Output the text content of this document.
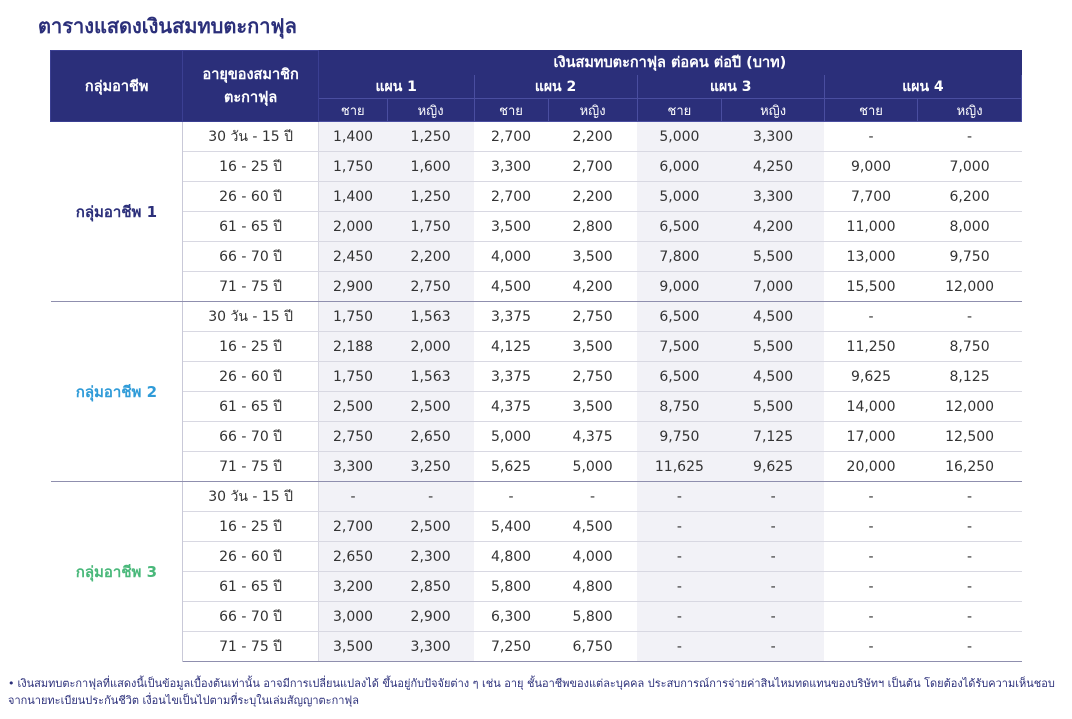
ตารางแสดงเงินสมทบตะกาฟุล
กลุ่มอาชีพ	อายุของสมาชิก
ตะกาฟุล	เงินสมทบตะกาฟุล ต่อคน ต่อปี (บาท)							
		แผน 1		แผน 2		แผน 3		แผน 4	
		ชาย	หญิง	ชาย	หญิง	ชาย	หญิง	ชาย	หญิง
กลุ่มอาชีพ 1	30 วัน - 15 ปี	1,400	1,250	2,700	2,200	5,000	3,300	-	-
	16 - 25 ปี	1,750	1,600	3,300	2,700	6,000	4,250	9,000	7,000
	26 - 60 ปี	1,400	1,250	2,700	2,200	5,000	3,300	7,700	6,200
	61 - 65 ปี	2,000	1,750	3,500	2,800	6,500	4,200	11,000	8,000
	66 - 70 ปี	2,450	2,200	4,000	3,500	7,800	5,500	13,000	9,750
	71 - 75 ปี	2,900	2,750	4,500	4,200	9,000	7,000	15,500	12,000
กลุ่มอาชีพ 2	30 วัน - 15 ปี	1,750	1,563	3,375	2,750	6,500	4,500	-	-
	16 - 25 ปี	2,188	2,000	4,125	3,500	7,500	5,500	11,250	8,750
	26 - 60 ปี	1,750	1,563	3,375	2,750	6,500	4,500	9,625	8,125
	61 - 65 ปี	2,500	2,500	4,375	3,500	8,750	5,500	14,000	12,000
	66 - 70 ปี	2,750	2,650	5,000	4,375	9,750	7,125	17,000	12,500
	71 - 75 ปี	3,300	3,250	5,625	5,000	11,625	9,625	20,000	16,250
กลุ่มอาชีพ 3	30 วัน - 15 ปี	-	-	-	-	-	-	-	-
	16 - 25 ปี	2,700	2,500	5,400	4,500	-	-	-	-
	26 - 60 ปี	2,650	2,300	4,800	4,000	-	-	-	-
	61 - 65 ปี	3,200	2,850	5,800	4,800	-	-	-	-
	66 - 70 ปี	3,000	2,900	6,300	5,800	-	-	-	-
	71 - 75 ปี	3,500	3,300	7,250	6,750	-	-	-	-
• เงินสมทบตะกาฟุลที่แสดงนี้เป็นข้อมูลเบื้องต้นเท่านั้น อาจมีการเปลี่ยนแปลงได้ ขึ้นอยู่กับปัจจัยต่าง ๆ เช่น อายุ ชั้นอาชีพของแต่ละบุคคล ประสบการณ์การจ่ายค่าสินไหมทดแทนของบริษัทฯ เป็นต้น โดยต้องได้รับความเห็นชอบ
จากนายทะเบียนประกันชีวิต เงื่อนไขเป็นไปตามที่ระบุในเล่มสัญญาตะกาฟุล
